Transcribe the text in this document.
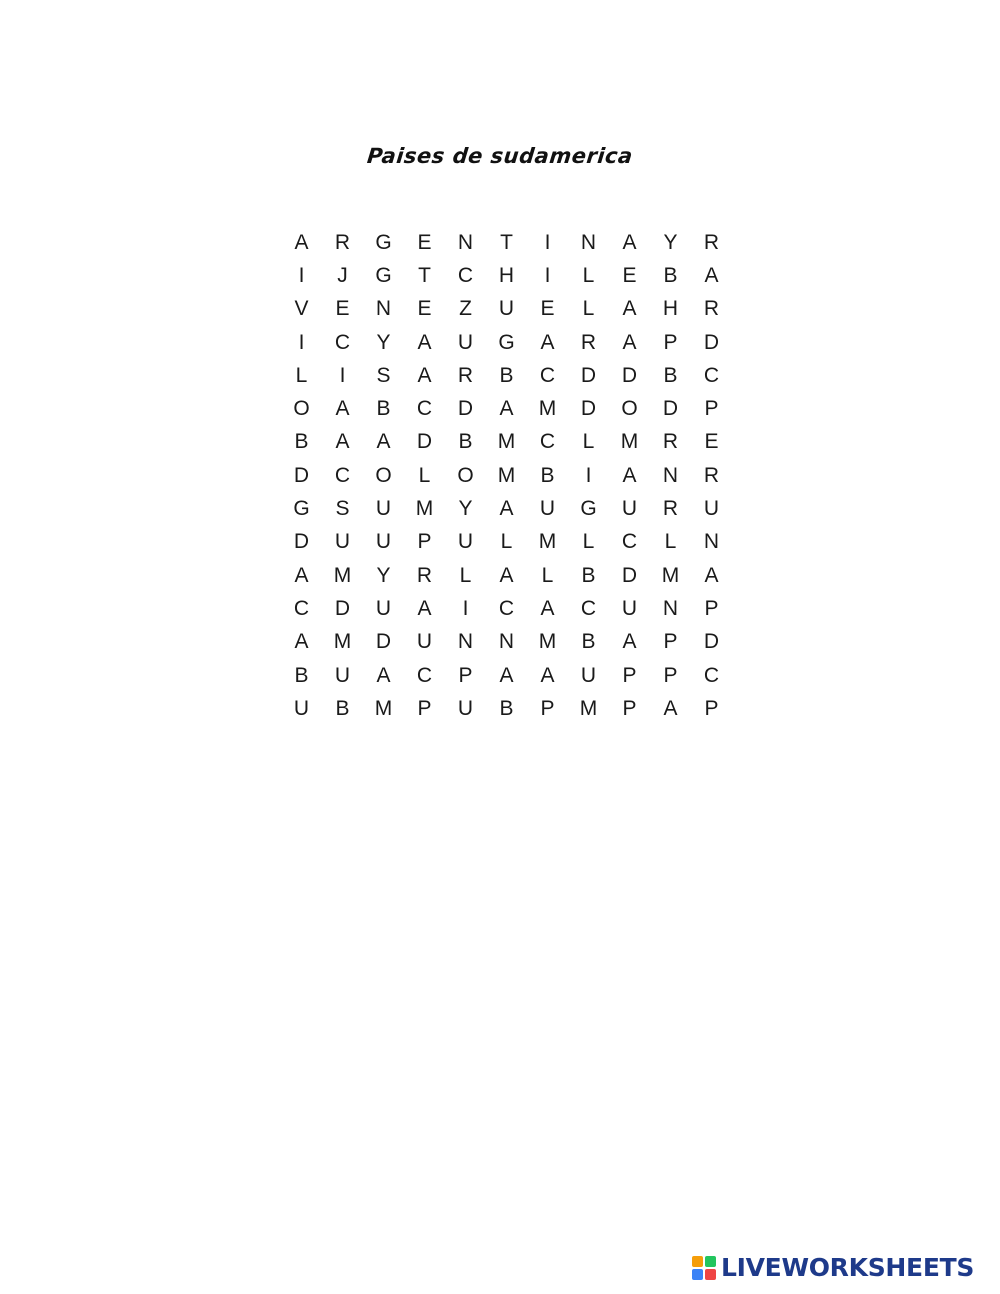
Paises de sudamerica
A	R	G	E	N	T	I	N	A	Y	R
I	J	G	T	C	H	I	L	E	B	A
V	E	N	E	Z	U	E	L	A	H	R
I	C	Y	A	U	G	A	R	A	P	D
L	I	S	A	R	B	C	D	D	B	C
O	A	B	C	D	A	M	D	O	D	P
B	A	A	D	B	M	C	L	M	R	E
D	C	O	L	O	M	B	I	A	N	R
G	S	U	M	Y	A	U	G	U	R	U
D	U	U	P	U	L	M	L	C	L	N
A	M	Y	R	L	A	L	B	D	M	A
C	D	U	A	I	C	A	C	U	N	P
A	M	D	U	N	N	M	B	A	P	D
B	U	A	C	P	A	A	U	P	P	C
U	B	M	P	U	B	P	M	P	A	P
LIVEWORKSHEETS
